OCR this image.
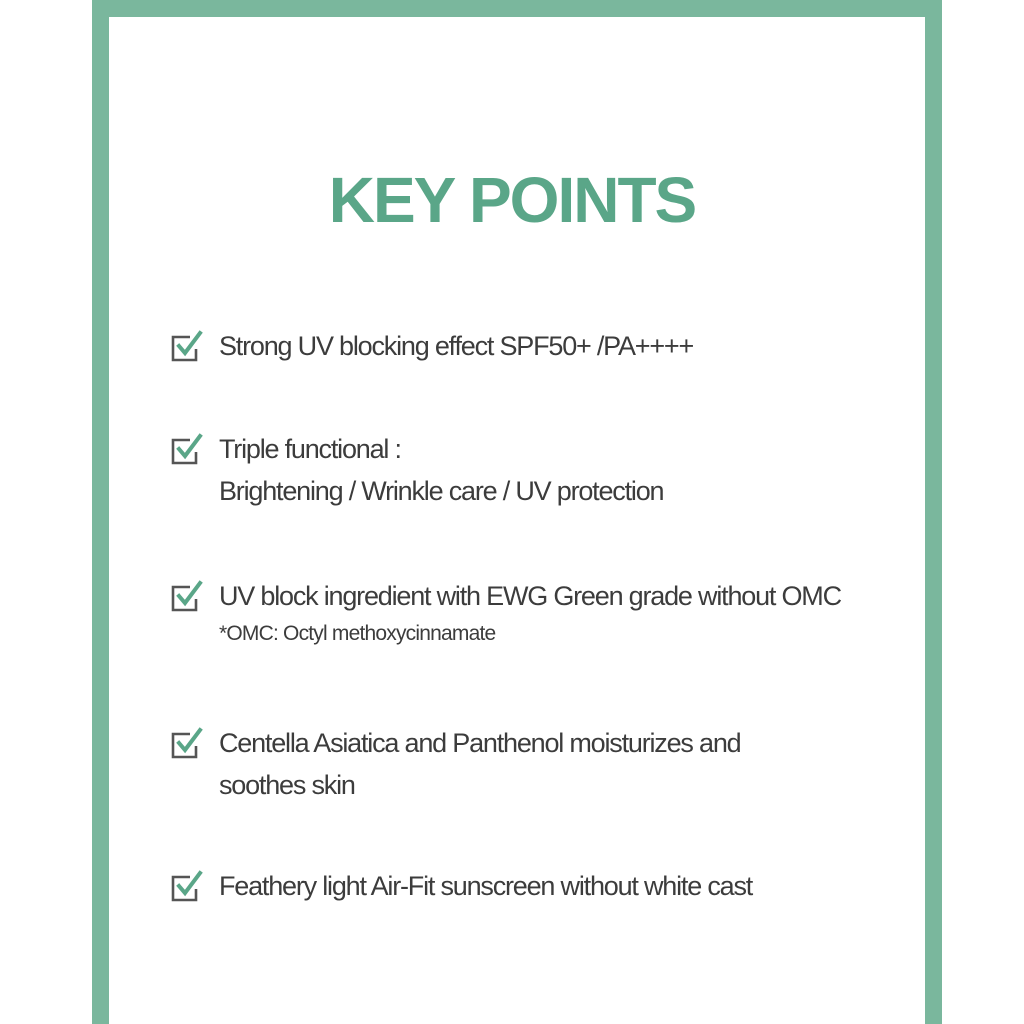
KEY POINTS
Strong UV blocking effect SPF50+ /PA++++
Triple functional :
Brightening / Wrinkle care / UV protection
UV block ingredient with EWG Green grade without OMC
*OMC: Octyl methoxycinnamate
Centella Asiatica and Panthenol moisturizes and
soothes skin
Feathery light Air-Fit sunscreen without white cast
